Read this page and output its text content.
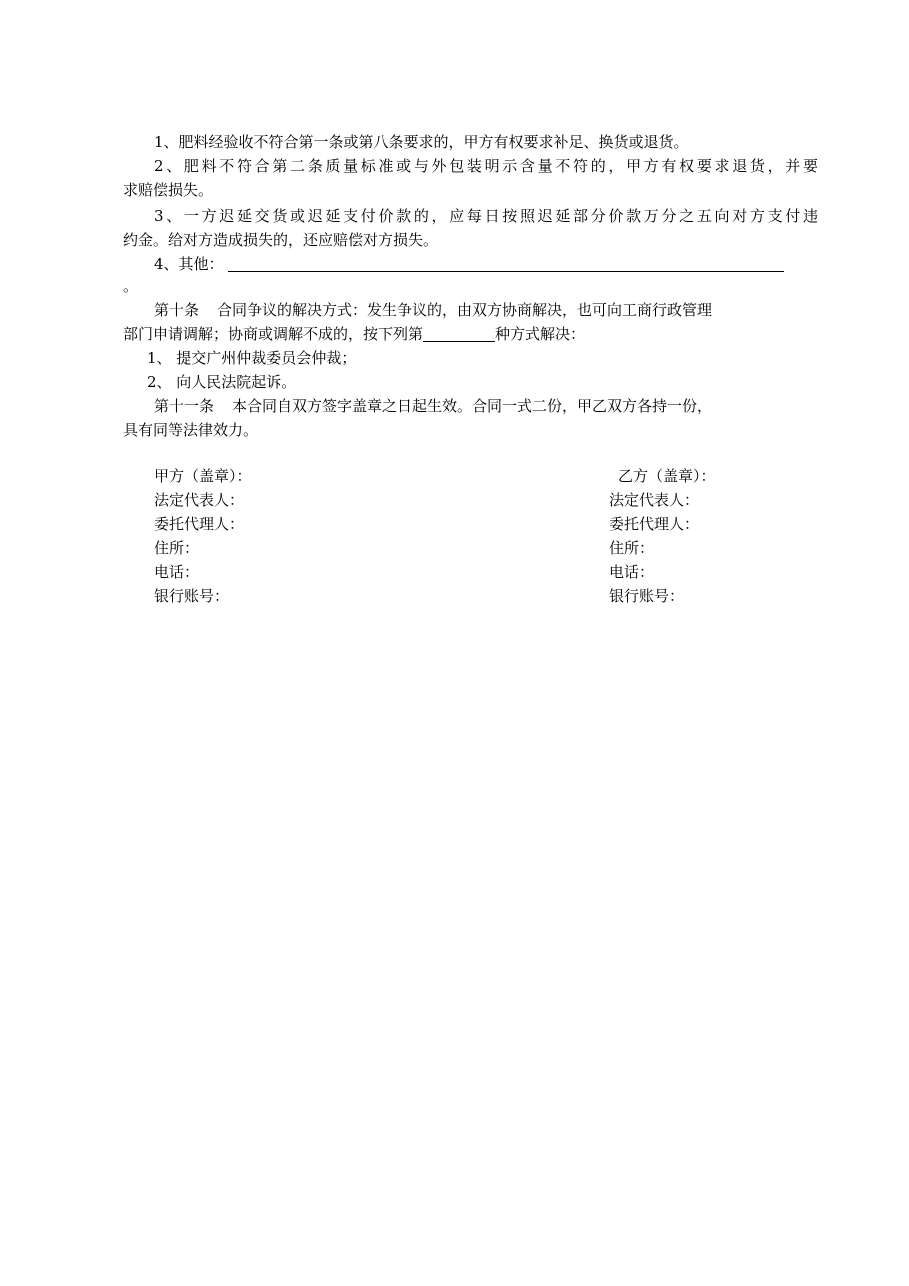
1、肥料经验收不符合第一条或第八条要求的，甲方有权要求补足、换货或退货。
2、肥料不符合第二条质量标准或与外包装明示含量不符的，甲方有权要求退货，并要
求赔偿损失。
3、一方迟延交货或迟延支付价款的，应每日按照迟延部分价款万分之五向对方支付违
约金。给对方造成损失的，还应赔偿对方损失。
4、其他：
。
第十条 合同争议的解决方式：发生争议的，由双方协商解决，也可向工商行政管理
部门申请调解；协商或调解不成的，按下列第	种方式解决：
1、 提交广州仲裁委员会仲裁；
2、 向人民法院起诉。
第十一条 本合同自双方签字盖章之日起生效。合同一式二份，甲乙双方各持一份，
具有同等法律效力。
甲方（盖章）：
法定代表人：
委托代理人：
住所：
电话：
银行账号：
乙方（盖章）：
法定代表人：
委托代理人：
住所：
电话：
银行账号：
